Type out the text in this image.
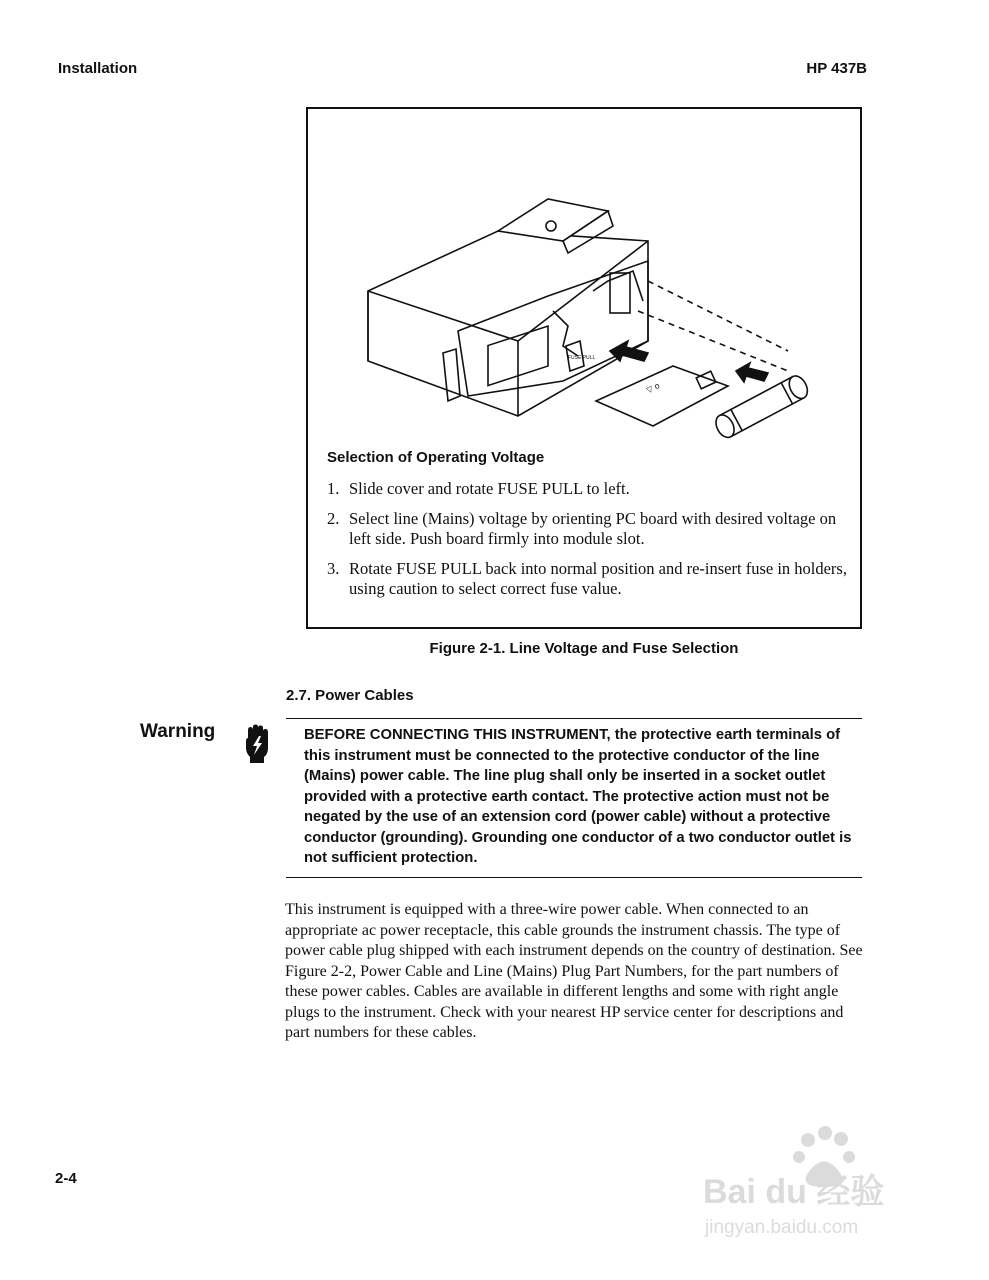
Installation	HP 437B
FUSE PULL
▽ o
Selection of Operating Voltage
1. Slide cover and rotate FUSE PULL to left.
2. Select line (Mains) voltage by orienting PC board with desired voltage on left side. Push board firmly into module slot.
3. Rotate FUSE PULL back into normal position and re-insert fuse in holders, using caution to select correct fuse value.
Figure 2-1. Line Voltage and Fuse Selection
2.7. Power Cables
Warning	BEFORE CONNECTING THIS INSTRUMENT, the protective earth terminals of this instrument must be connected to the protective conductor of the line (Mains) power cable. The line plug shall only be inserted in a socket outlet provided with a protective earth contact. The protective action must not be negated by the use of an extension cord (power cable) without a protective conductor (grounding). Grounding one conductor of a two conductor outlet is not sufficient protection.

This instrument is equipped with a three-wire power cable. When connected to an appropriate ac power receptacle, this cable grounds the instrument chassis. The type of power cable plug shipped with each instrument depends on the country of destination. See Figure 2-2, Power Cable and Line (Mains) Plug Part Numbers, for the part numbers of these power cables. Cables are available in different lengths and some with right angle plugs to the instrument. Check with your nearest HP service center for descriptions and part numbers for these cables.

2-4	Bai du 经验
jingyan.baidu.com
